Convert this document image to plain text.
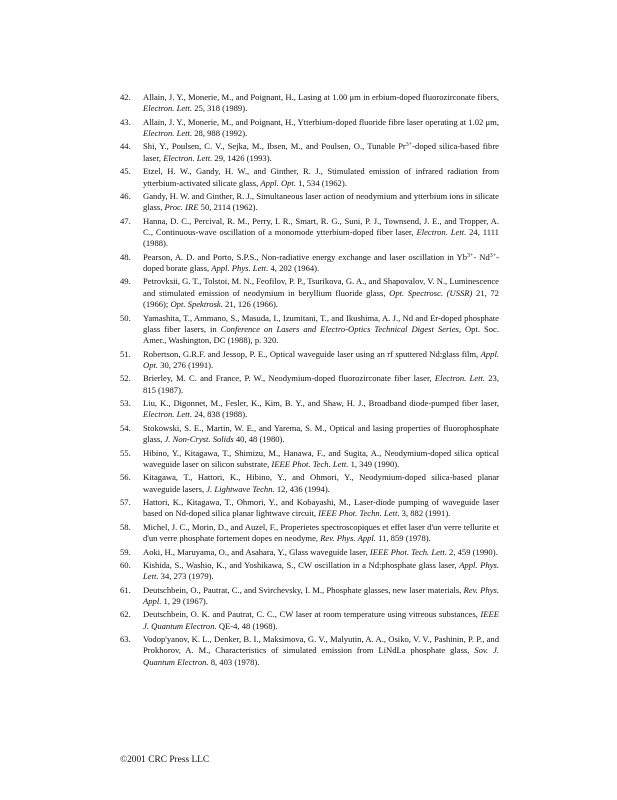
42.	Allain, J. Y., Monerie, M., and Poignant, H., Lasing at 1.00 μm in erbium-doped fluorozirconate fibers, Electron. Lett. 25, 318 (1989).
43.	Allain, J. Y., Monerie, M., and Poignant, H., Ytterbium-doped fluoride fibre laser operating at 1.02 μm, Electron. Lett. 28, 988 (1992).
44.	Shi, Y., Poulsen, C. V., Sejka, M., Ibsen, M., and Poulsen, O., Tunable $Pr^{3+}$-doped silica-based fibre laser, Electron. Lett. 29, 1426 (1993).
45.	Etzel, H. W., Gandy, H. W., and Ginther, R. J., Stimulated emission of infrared radiation from ytterbium-activated silicate glass, Appl. Opt. 1, 534 (1962).
46.	Gandy, H. W. and Ginther, R. J., Simultaneous laser action of neodymium and ytterbium ions in silicate glass, Proc. IRE 50, 2114 (1962).
47.	Hanna, D. C., Percival, R. M., Perry, I. R., Smart, R. G., Suni, P. J., Townsend, J. E., and Tropper, A. C., Continuous-wave oscillation of a monomode ytterbium-doped fiber laser, Electron. Lett. 24, 1111 (1988).
48.	Pearson, A. D. and Porto, S.P.S., Non-radiative energy exchange and laser oscillation in $Yb^{3+}-$ $Nd^{3+}$-doped borate glass, Appl. Phys. Lett. 4, 202 (1964).
49.	Petrovksii, G. T., Tolstoi, M. N., Feofilov, P. P., Tsurikova, G. A., and Shapovalov, V. N., Luminescence and stimulated emission of neodymium in beryllium fluoride glass, Opt. Spectrosc. (USSR) 21, 72 (1966); Opt. Spektrosk. 21, 126 (1966).
50.	Yamashita, T., Ammano, S., Masuda, I., Izumitani, T., and Ikushima, A. J., Nd and Er-doped phosphate glass fiber lasers, in Conference on Lasers and Electro-Optics Technical Digest Series, Opt. Soc. Amer., Washington, DC (1988), p. 320.
51.	Robertson, G.R.F. and Jessop, P. E., Optical waveguide laser using an rf sputtered Nd:glass film, Appl. Opt. 30, 276 (1991).
52.	Brierley, M. C. and France, P. W., Neodymium-doped fluorozirconate fiber laser, Electron. Lett. 23, 815 (1987).
53.	Liu, K., Digonnet, M., Fesler, K., Kim, B. Y., and Shaw, H. J., Broadband diode-pumped fiber laser, Electron. Lett. 24, 838 (1988).
54.	Stokowski, S. E., Martin, W. E., and Yarema, S. M., Optical and lasing properties of fluorophosphate glass, J. Non-Cryst. Solids 40, 48 (1980).
55.	Hibino, Y., Kitagawa, T., Shimizu, M., Hanawa, F., and Sugita, A., Neodymium-doped silica optical waveguide laser on silicon substrate, IEEE Phot. Tech. Lett. 1, 349 (1990).
56.	Kitagawa, T., Hattori, K., Hibino, Y., and Ohmori, Y., Neodymium-doped silica-based planar waveguide lasers, J. Lightwave Techn. 12, 436 (1994).
57.	Hattori, K., Kitagawa, T., Ohmori, Y., and Kobayashi, M., Laser-diode pumping of waveguide laser based on Nd-doped silica planar lightwave circuit, IEEE Phot. Techn. Lett. 3, 882 (1991).
58.	Michel, J. C., Morin, D., and Auzel, F., Properietes spectroscopiques et effet laser d'un verre tellurite et d'un verre phosphate fortement dopes en neodyme, Rev. Phys. Appl. 11, 859 (1978).
59.	Aoki, H., Maruyama, O., and Asahara, Y., Glass waveguide laser, IEEE Phot. Tech. Lett. 2, 459 (1990).
60.	Kishida, S., Washio, K., and Yoshikawa, S., CW oscillation in a Nd:phosphate glass laser, Appl. Phys. Lett. 34, 273 (1979).
61.	Deutschbein, O., Pautrat, C., and Svirchevsky, I. M., Phosphate glasses, new laser materials, Rev. Phys. Appl. 1, 29 (1967).
62.	Deutschbein, O. K. and Pautrat, C. C., CW laser at room temperature using vitreous substances, IEEE J. Quantum Electron. QE-4, 48 (1968).
63.	Vodop'yanov, K. L., Denker, B. I., Maksimova, G. V., Malyutin, A. A., Osiko, V. V., Pashinin, P. P., and Prokhorov, A. M., Characteristics of simulated emission from LiNdLa phosphate glass, Sov. J. Quantum Electron. 8, 403 (1978).
©2001 CRC Press LLC
